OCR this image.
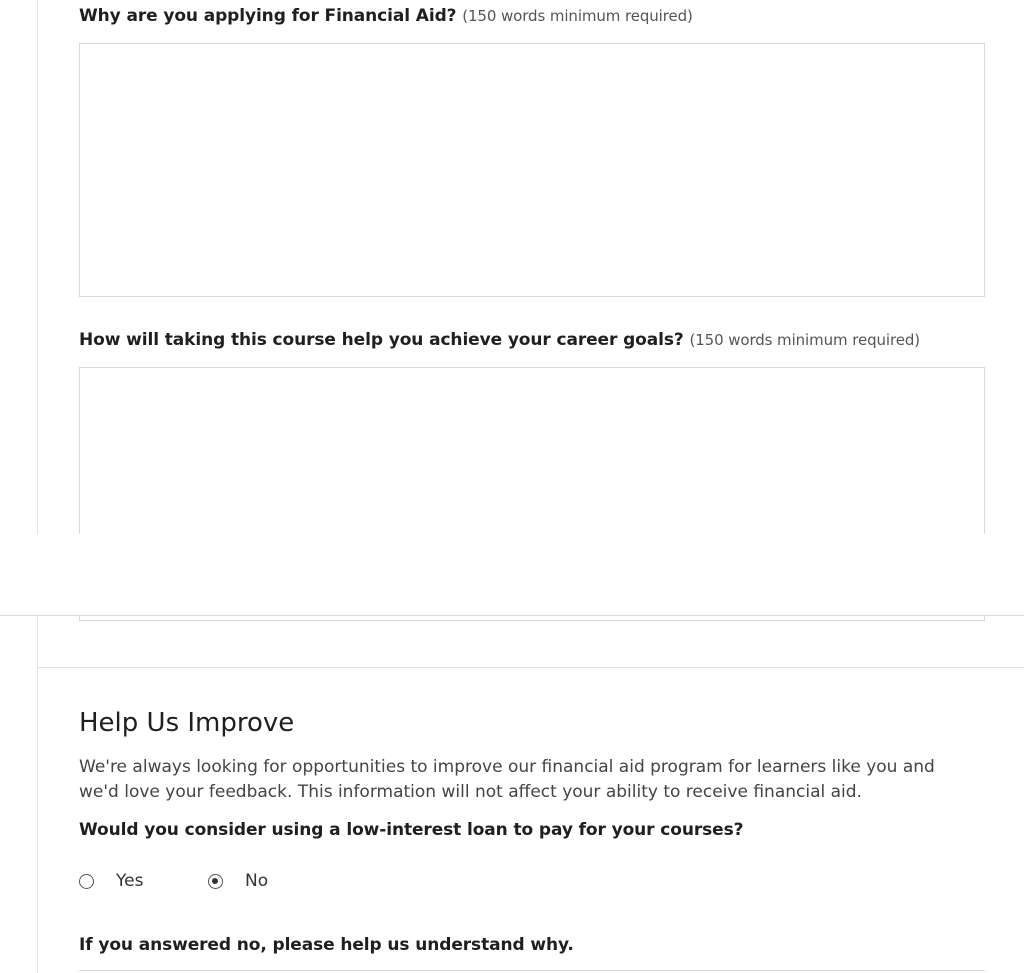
Why are you applying for Financial Aid? (150 words minimum required)
How will taking this course help you achieve your career goals? (150 words minimum required)
Help Us Improve
We're always looking for opportunities to improve our financial aid program for learners like you and we'd love your feedback. This information will not affect your ability to receive financial aid.
Would you consider using a low-interest loan to pay for your courses?
Yes	No
If you answered no, please help us understand why.
